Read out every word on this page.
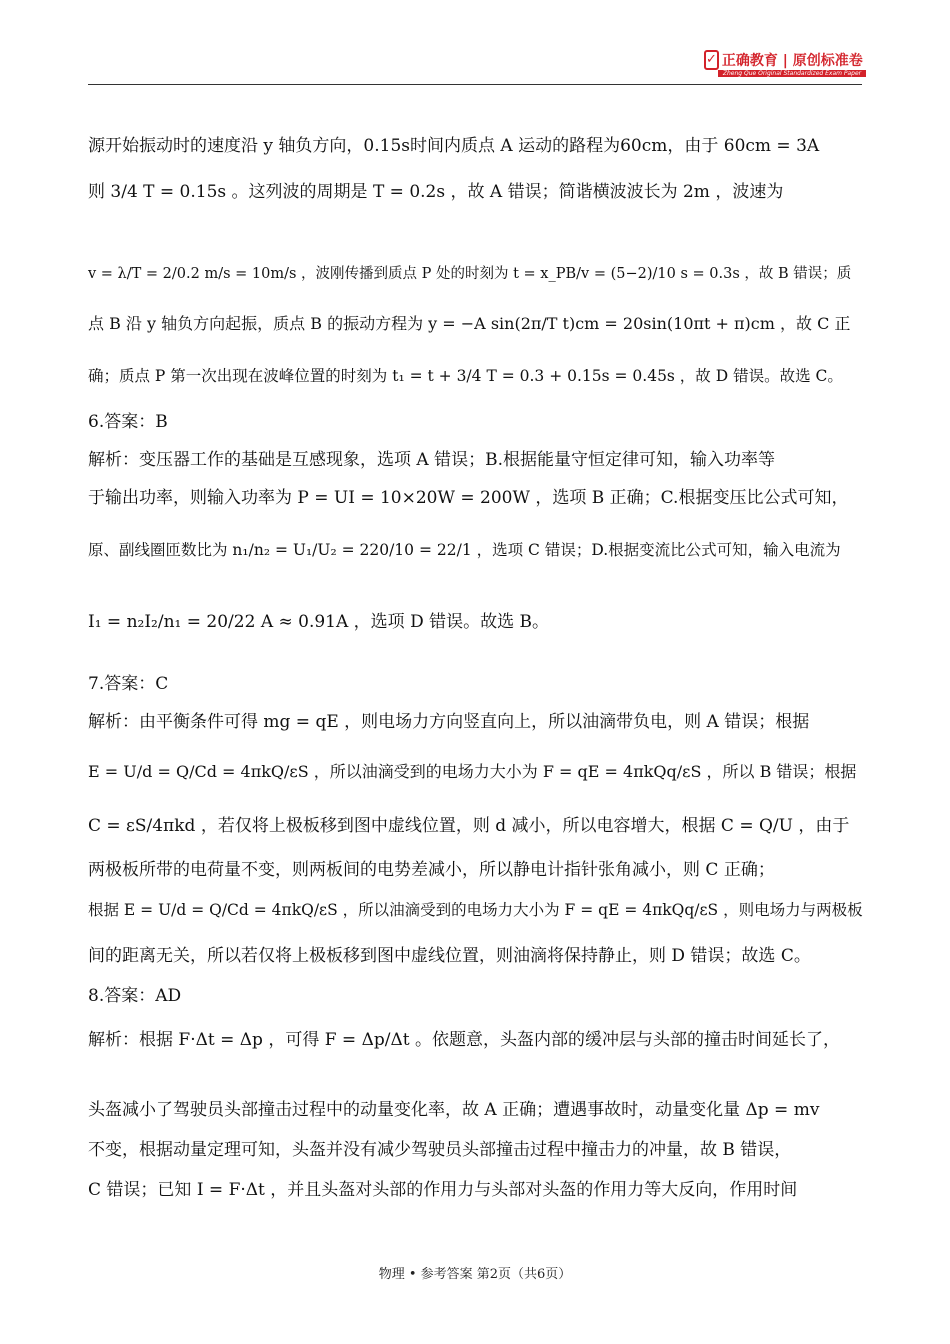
✓ 正确教育 | 原创标准卷
Zheng Que Original Standardized Exam Paper
源开始振动时的速度沿 y 轴负方向，0.15s时间内质点 A 运动的路程为60cm，由于 60cm = 3A
则 3/4 T = 0.15s 。这列波的周期是 T = 0.2s ，故 A 错误；简谐横波波长为 2m ，波速为
v = λ/T = 2/0.2 m/s = 10m/s ，波刚传播到质点 P 处的时刻为 t = x_PB/v = (5−2)/10 s = 0.3s ，故 B 错误；质
点 B 沿 y 轴负方向起振，质点 B 的振动方程为 y = −A sin(2π/T t)cm = 20sin(10πt + π)cm ，故 C 正
确；质点 P 第一次出现在波峰位置的时刻为 t₁ = t + 3/4 T = 0.3 + 0.15s = 0.45s ，故 D 错误。故选 C。
6.答案：B
解析：变压器工作的基础是互感现象，选项 A 错误；B.根据能量守恒定律可知，输入功率等
于输出功率，则输入功率为 P = UI = 10×20W = 200W ，选项 B 正确；C.根据变压比公式可知，
原、副线圈匝数比为 n₁/n₂ = U₁/U₂ = 220/10 = 22/1 ，选项 C 错误；D.根据变流比公式可知，输入电流为
I₁ = n₂I₂/n₁ = 20/22 A ≈ 0.91A ，选项 D 错误。故选 B。
7.答案：C
解析：由平衡条件可得 mg = qE ，则电场力方向竖直向上，所以油滴带负电，则 A 错误；根据
E = U/d = Q/Cd = 4πkQ/εS ，所以油滴受到的电场力大小为 F = qE = 4πkQq/εS ，所以 B 错误；根据
C = εS/4πkd ，若仅将上极板移到图中虚线位置，则 d 减小，所以电容增大，根据 C = Q/U ，由于
两极板所带的电荷量不变，则两板间的电势差减小，所以静电计指针张角减小，则 C 正确；
根据 E = U/d = Q/Cd = 4πkQ/εS ，所以油滴受到的电场力大小为 F = qE = 4πkQq/εS ，则电场力与两极板
间的距离无关，所以若仅将上极板移到图中虚线位置，则油滴将保持静止，则 D 错误；故选 C。
8.答案：AD
解析：根据 F·Δt = Δp ，可得 F = Δp/Δt 。依题意，头盔内部的缓冲层与头部的撞击时间延长了，
头盔减小了驾驶员头部撞击过程中的动量变化率，故 A 正确；遭遇事故时，动量变化量 Δp = mv
不变，根据动量定理可知，头盔并没有减少驾驶员头部撞击过程中撞击力的冲量，故 B 错误，
C 错误；已知 I = F·Δt ，并且头盔对头部的作用力与头部对头盔的作用力等大反向，作用时间
物理 • 参考答案 第2页（共6页）
